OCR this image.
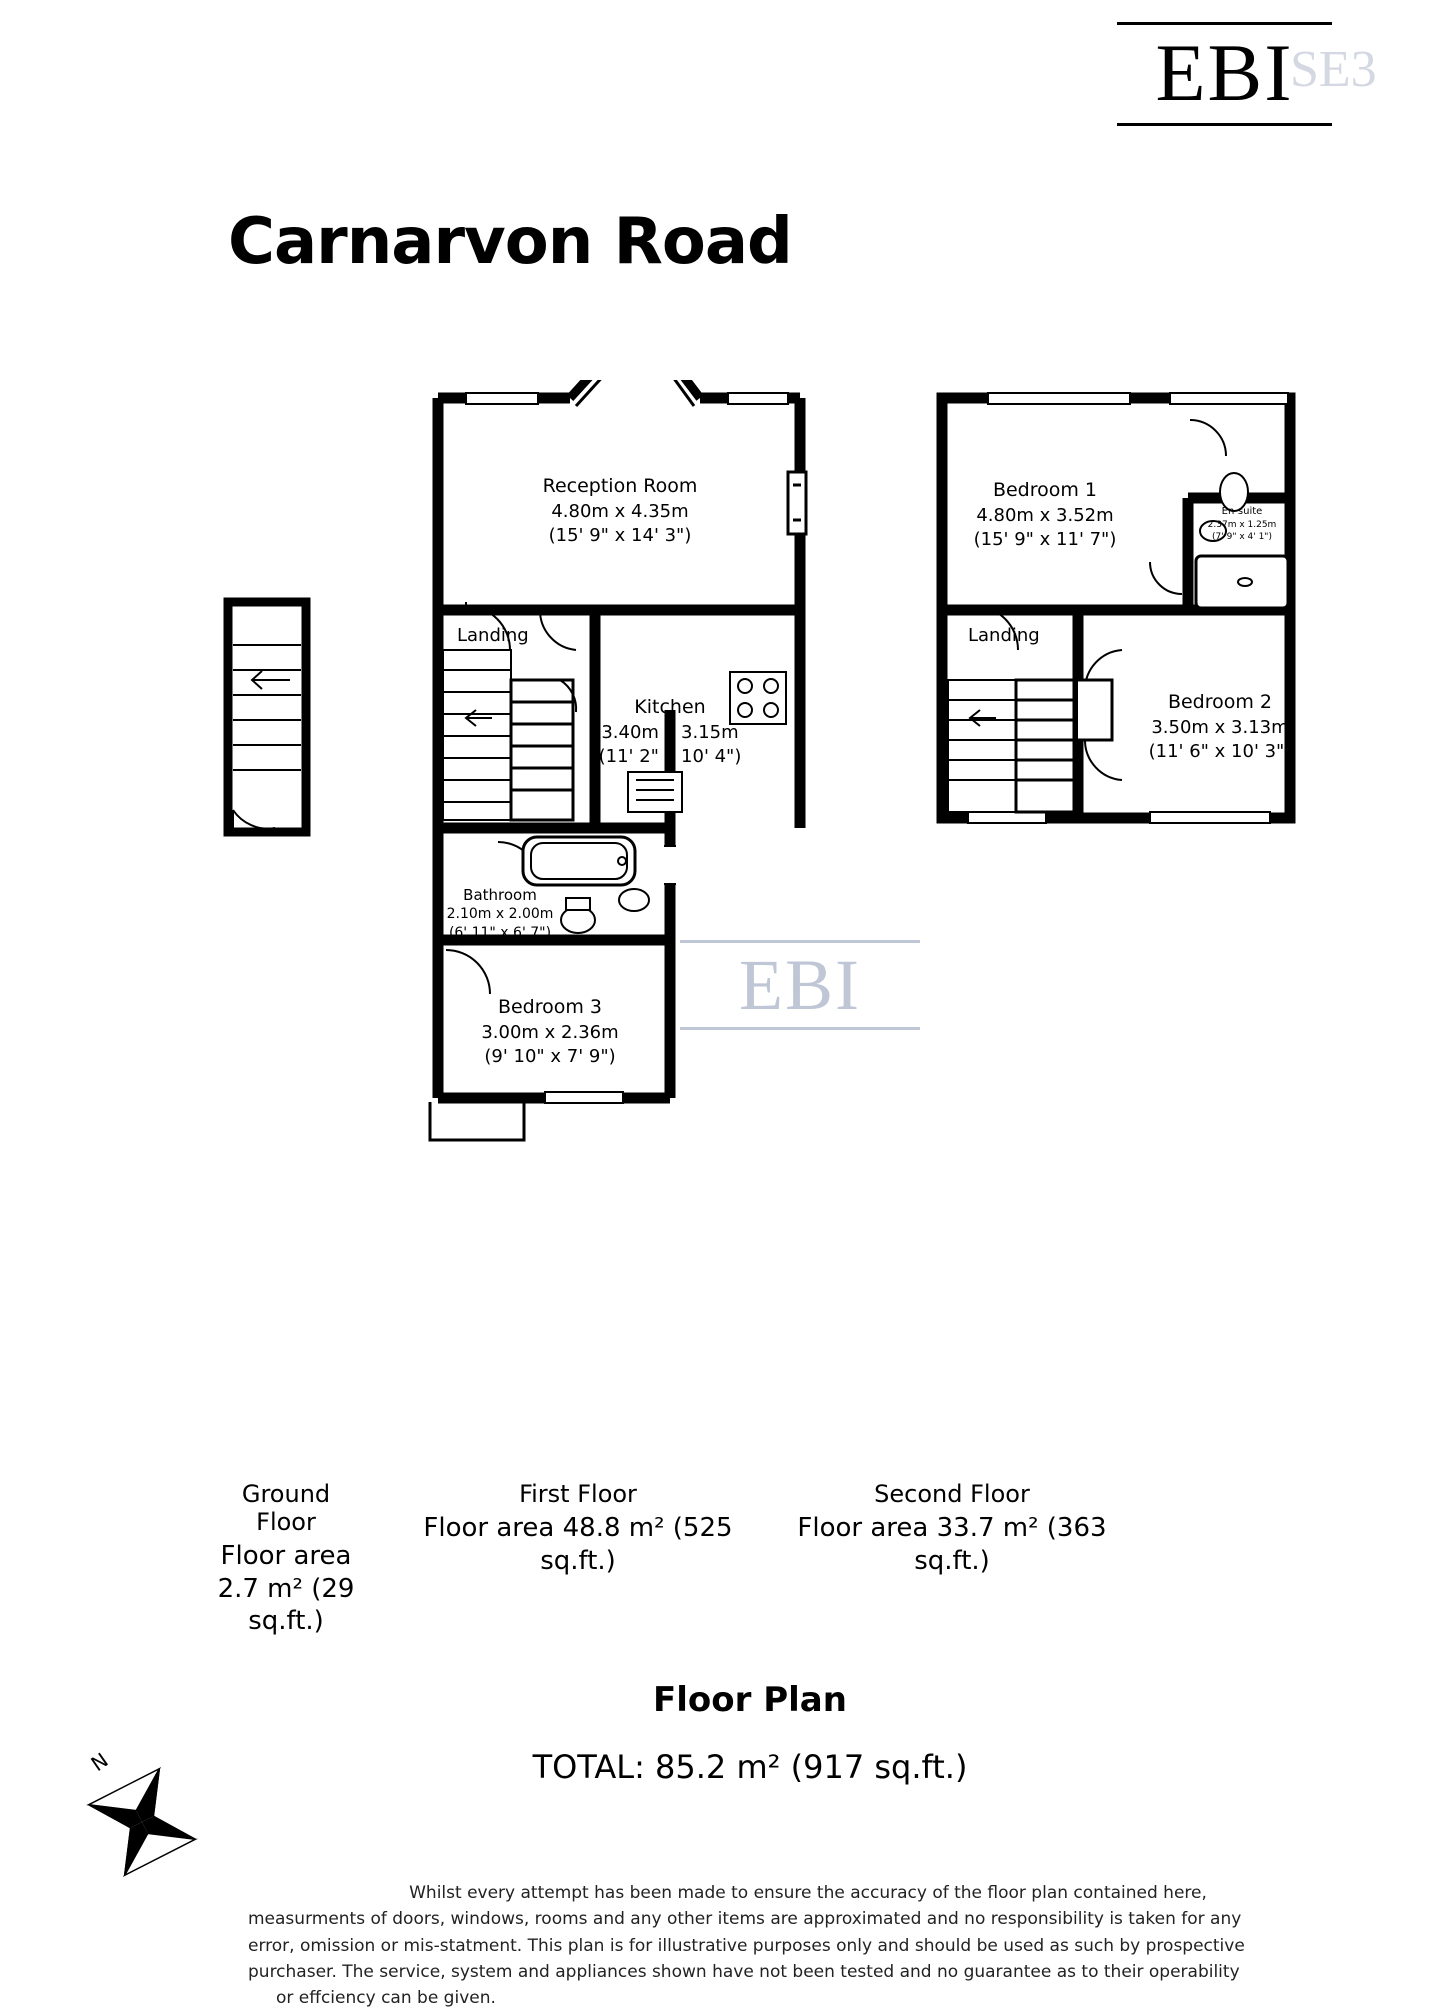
EBI
SE3
Carnarvon Road
EBI
Reception Room
4.80m x 4.35m
(15' 9" x 14' 3")
Kitchen
3.40m x 3.15m
(11' 2" x 10' 4")
Bathroom
2.10m x 2.00m
(6' 11" x 6' 7")
Bedroom 3
3.00m x 2.36m
(9' 10" x 7' 9")
Bedroom 1
4.80m x 3.52m
(15' 9" x 11' 7")
Bedroom 2
3.50m x 3.13m
(11' 6" x 10' 3")
En-suite
2.37m x 1.25m
(7' 9" x 4' 1")
Landing	Landing
Ground Floor
Floor area 2.7 m² (29 sq.ft.)
First Floor
Floor area 48.8 m² (525 sq.ft.)
Second Floor
Floor area 33.7 m² (363 sq.ft.)
Floor Plan
TOTAL: 85.2 m² (917 sq.ft.)

Whilst every attempt has been made to ensure the accuracy of the floor plan contained here,

measurments of doors, windows, rooms and any other items are approximated and no responsibility is taken for any

error, omission or mis-statment. This plan is for illustrative purposes only and should be used as such by prospective

purchaser. The service, system and appliances shown have not been tested and no guarantee as to their operability

or effciency can be given.

N
